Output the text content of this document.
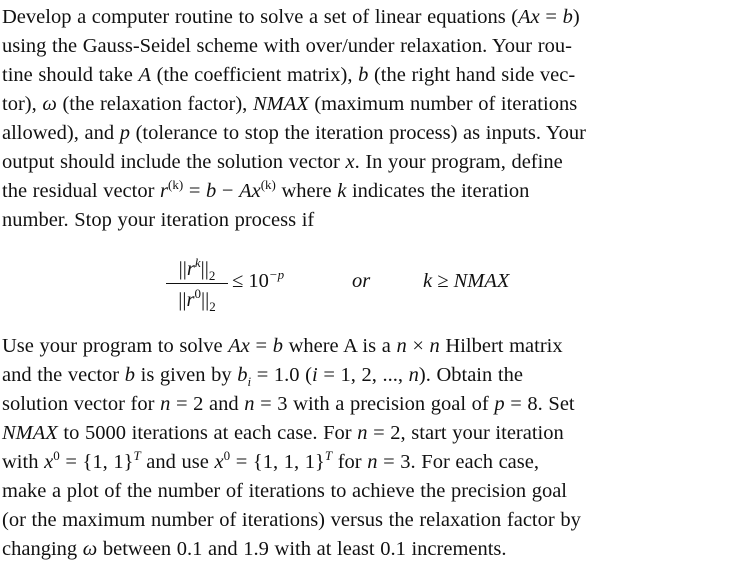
Develop a computer routine to solve a set of linear equations (Ax = b)
using the Gauss-Seidel scheme with over/under relaxation. Your rou-
tine should take A (the coefficient matrix), b (the right hand side vec-
tor), ω (the relaxation factor), NMAX (maximum number of iterations
allowed), and p (tolerance to stop the iteration process) as inputs. Your
output should include the solution vector x. In your program, define
the residual vector $r^{(k)} = b - Ax^{(k)}$ where k indicates the iteration
number. Stop your iteration process if
$||r^k||_2$
$||r^0||_2$
≤ $10^{-p}$	or	k ≥ NMAX
Use your program to solve Ax = b where A is a n × n Hilbert matrix
and the vector b is given by $b_i = 1.0$ (i = 1, 2, ..., n). Obtain the
solution vector for n = 2 and n = 3 with a precision goal of p = 8. Set
NMAX to 5000 iterations at each case. For n = 2, start your iteration
with $x^0 = \{1$, 1}$^T$ and use $x^0 = \{1$, 1, 1}$^T$ for n = 3. For each case,
make a plot of the number of iterations to achieve the precision goal
(or the maximum number of iterations) versus the relaxation factor by
changing ω between 0.1 and 1.9 with at least 0.1 increments.
